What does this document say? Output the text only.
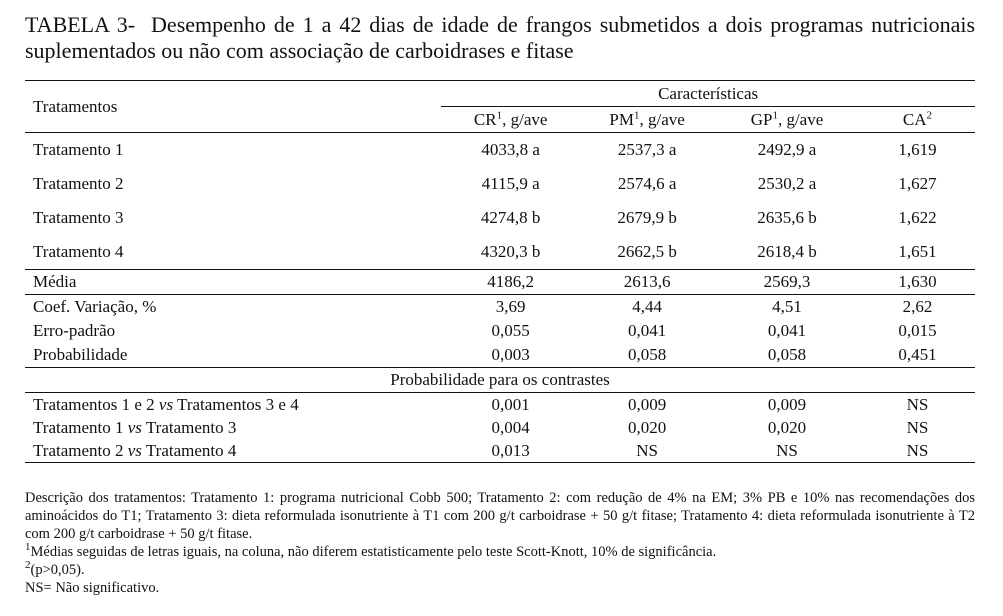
TABELA 3- Desempenho de 1 a 42 dias de idade de frangos submetidos a dois programas nutricionais suplementados ou não com associação de carboidrases e fitase
Tratamentos	Características			
	$CR^1$, g/ave	$PM^1$, g/ave	$GP^1$, g/ave	$CA^2$
Tratamento 1	4033,8 a	2537,3 a	2492,9 a	1,619
Tratamento 2	4115,9 a	2574,6 a	2530,2 a	1,627
Tratamento 3	4274,8 b	2679,9 b	2635,6 b	1,622
Tratamento 4	4320,3 b	2662,5 b	2618,4 b	1,651
Média	4186,2	2613,6	2569,3	1,630
Coef. Variação, %	3,69	4,44	4,51	2,62
Erro-padrão	0,055	0,041	0,041	0,015
Probabilidade	0,003	0,058	0,058	0,451
Probabilidade para os contrastes				
Tratamentos 1 e 2 vs Tratamentos 3 e 4	0,001	0,009	0,009	NS
Tratamento 1 vs Tratamento 3	0,004	0,020	0,020	NS
Tratamento 2 vs Tratamento 4	0,013	NS	NS	NS

Descrição dos tratamentos: Tratamento 1: programa nutricional Cobb 500; Tratamento 2: com redução de 4% na EM; 3% PB e 10% nas recomendações dos aminoácidos do T1; Tratamento 3: dieta reformulada isonutriente à T1 com 200 g/t carboidrase + 50 g/t fitase; Tratamento 4: dieta reformulada isonutriente à T2 com 200 g/t carboidrase + 50 g/t fitase.

$^1$Médias seguidas de letras iguais, na coluna, não diferem estatisticamente pelo teste Scott-Knott, 10% de significância.

$^2$(p>0,05).

NS= Não significativo.
